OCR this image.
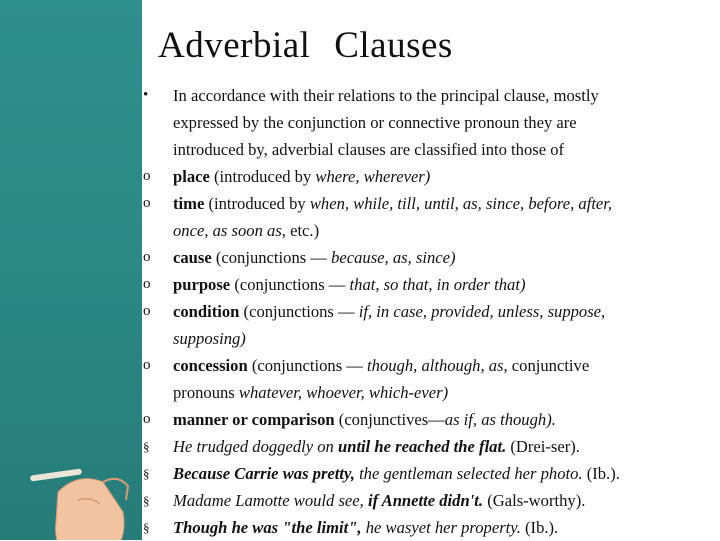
Adverbial Clauses
•	In accordance with their relations to the principal clause, mostly
expressed by the conjunction or connective pronoun they are
introduced by, adverbial clauses are classified into those of
o	place (introduced by where, wherever)
o	time (introduced by when, while, till, until, as, since, before, after,
once, as soon as, etc.)
o	cause (conjunctions — because, as, since)
o	purpose (conjunctions — that, so that, in order that)
o	condition (conjunctions — if, in case, provided, unless, suppose,
supposing)
o	concession (conjunctions — though, although, as, conjunctive
pronouns whatever, whoever, which-ever)
o	manner or comparison (conjunctives—as if, as though).
§	He trudged doggedly on until he reached the flat. (Drei-ser).
§	Because Carrie was pretty, the gentleman selected her photo. (Ib.).
§	Madame Lamotte would see, if Annette didn't. (Gals-worthy).
§	Though he was "the limit", he wasyet her property. (Ib.).
